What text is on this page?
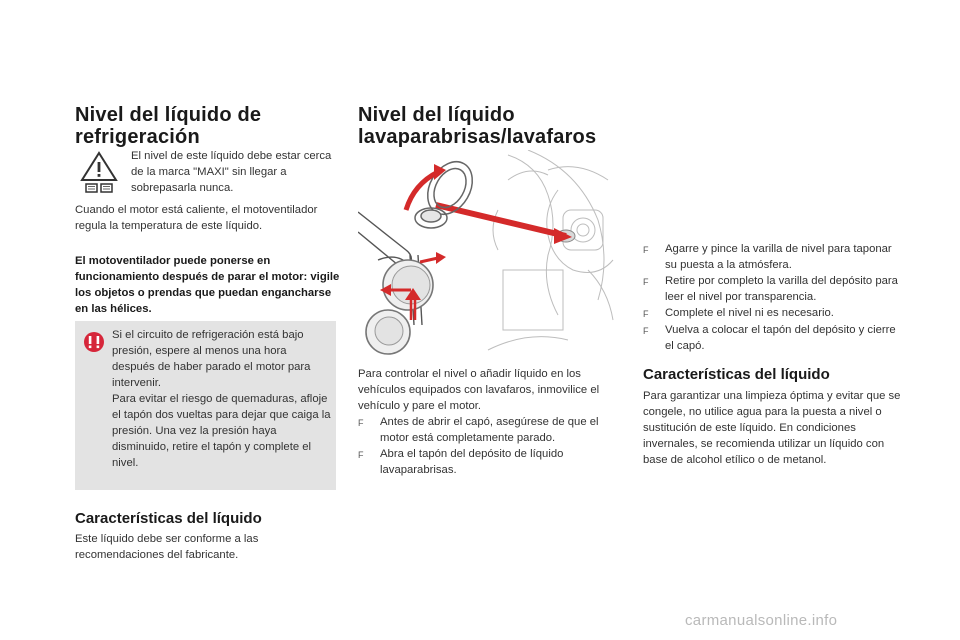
Nivel del líquido de refrigeración

El nivel de este líquido debe estar cerca de la marca "MAXI" sin llegar a sobrepasarla nunca.

Cuando el motor está caliente, el motoventilador regula la temperatura de este líquido.

El motoventilador puede ponerse en funcionamiento después de parar el motor: vigile los objetos o prendas que puedan engancharse en las hélices.

Si el circuito de refrigeración está bajo presión, espere al menos una hora después de haber parado el motor para intervenir.

Para evitar el riesgo de quemaduras, afloje el tapón dos vueltas para dejar que caiga la presión. Una vez la presión haya disminuido, retire el tapón y complete el nivel.

Características del líquido

Este líquido debe ser conforme a las recomendaciones del fabricante.

Nivel del líquido lavaparabrisas/lavafaros

Para controlar el nivel o añadir líquido en los vehículos equipados con lavafaros, inmovilice el vehículo y pare el motor.

F	Antes de abrir el capó, asegúrese de que el motor está completamente parado.
F	Abra el tapón del depósito de líquido lavaparabrisas.
F	Agarre y pince la varilla de nivel para taponar su puesta a la atmósfera.
F	Retire por completo la varilla del depósito para leer el nivel por transparencia.
F	Complete el nivel ni es necesario.
F	Vuelva a colocar el tapón del depósito y cierre el capó.
Características del líquido

Para garantizar una limpieza óptima y evitar que se congele, no utilice agua para la puesta a nivel o sustitución de este líquido. En condiciones invernales, se recomienda utilizar un líquido con base de alcohol etílico o de metanol.

carmanualsonline.info
